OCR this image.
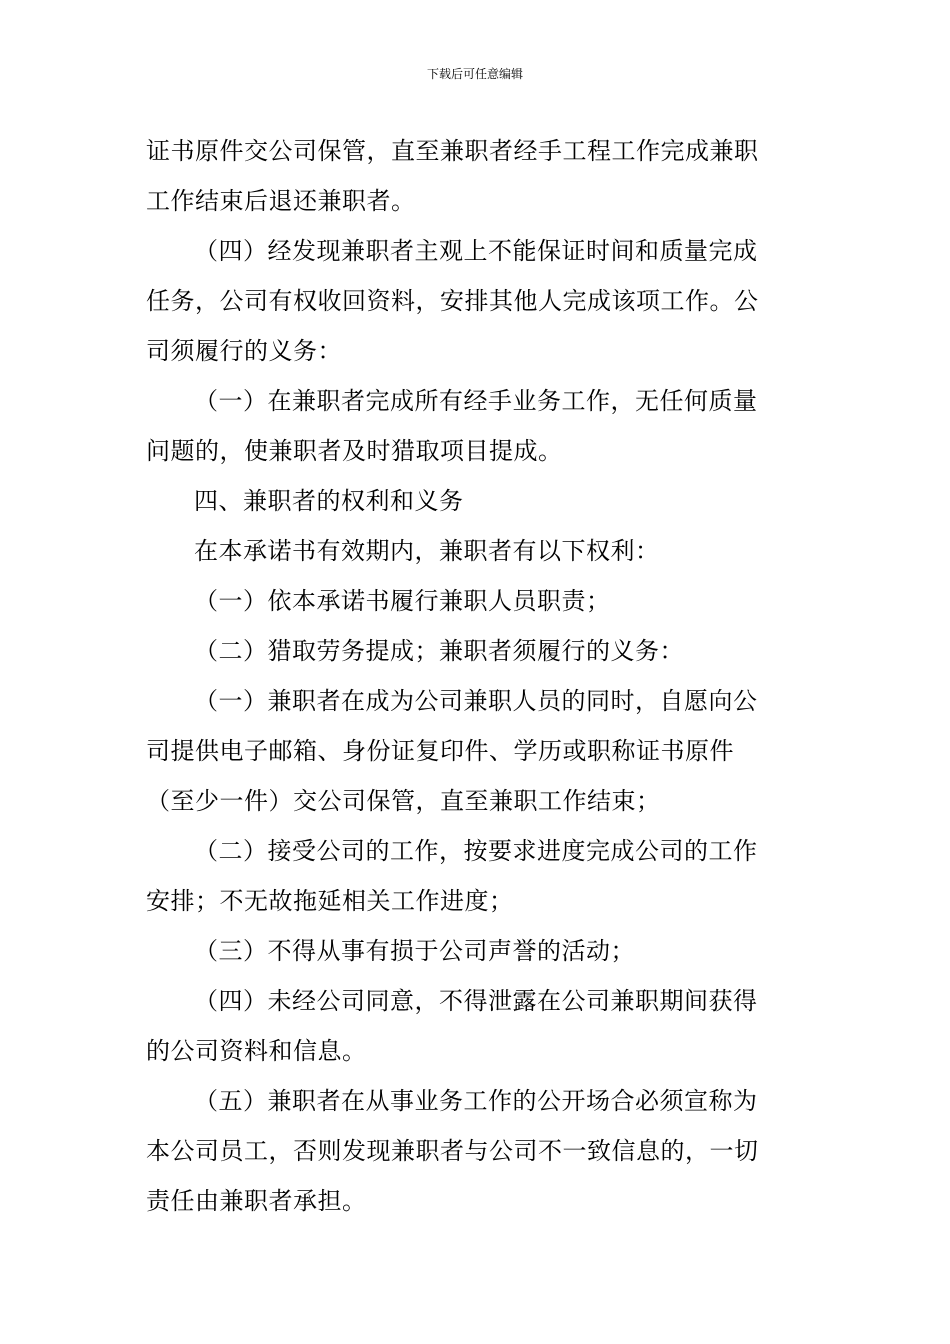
下载后可任意编辑

证书原件交公司保管，直至兼职者经手工程工作完成兼职
工作结束后退还兼职者。

（四）经发现兼职者主观上不能保证时间和质量完成
任务，公司有权收回资料，安排其他人完成该项工作。公
司须履行的义务：

（一）在兼职者完成所有经手业务工作，无任何质量
问题的，使兼职者及时猎取项目提成。

四、兼职者的权利和义务

在本承诺书有效期内，兼职者有以下权利：

（一）依本承诺书履行兼职人员职责；

（二）猎取劳务提成；兼职者须履行的义务：

（一）兼职者在成为公司兼职人员的同时，自愿向公
司提供电子邮箱、身份证复印件、学历或职称证书原件
（至少一件）交公司保管，直至兼职工作结束；

（二）接受公司的工作，按要求进度完成公司的工作
安排；不无故拖延相关工作进度；

（三）不得从事有损于公司声誉的活动；

（四）未经公司同意，不得泄露在公司兼职期间获得
的公司资料和信息。

（五）兼职者在从事业务工作的公开场合必须宣称为
本公司员工，否则发现兼职者与公司不一致信息的，一切
责任由兼职者承担。
